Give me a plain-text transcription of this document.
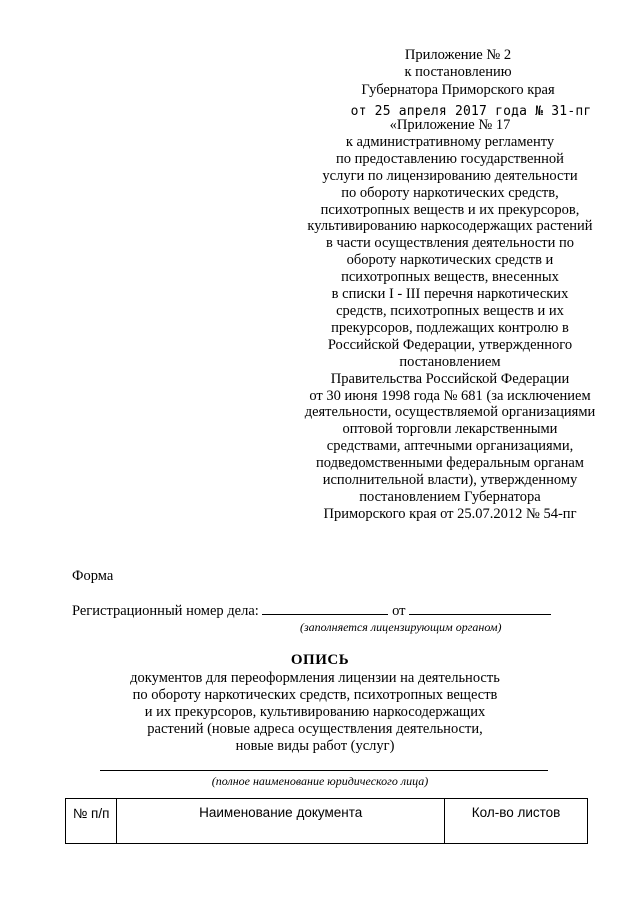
Приложение № 2
к постановлению
Губернатора Приморского края
от 25 апреля 2017 года № 31-пг
«Приложение № 17
к административному регламенту
по предоставлению государственной
услуги по лицензированию деятельности
по обороту наркотических средств,
психотропных веществ и их прекурсоров,
культивированию наркосодержащих растений
в части осуществления деятельности по
обороту наркотических средств и
психотропных веществ, внесенных
в списки I - III перечня наркотических
средств, психотропных веществ и их
прекурсоров, подлежащих контролю в
Российской Федерации, утвержденного
постановлением
Правительства Российской Федерации
от 30 июня 1998 года № 681 (за исключением
деятельности, осуществляемой организациями
оптовой торговли лекарственными
средствами, аптечными организациями,
подведомственными федеральным органам
исполнительной власти), утвержденному
постановлением Губернатора
Приморского края от 25.07.2012 № 54-пг
Форма
Регистрационный номер дела:	от
(заполняется лицензирующим органом)
ОПИСЬ
документов для переоформления лицензии на деятельность
по обороту наркотических средств, психотропных веществ
и их прекурсоров, культивированию наркосодержащих
растений (новые адреса осуществления деятельности,
новые виды работ (услуг)
(полное наименование юридического лица)
№ п/п	Наименование документа	Кол-во листов
